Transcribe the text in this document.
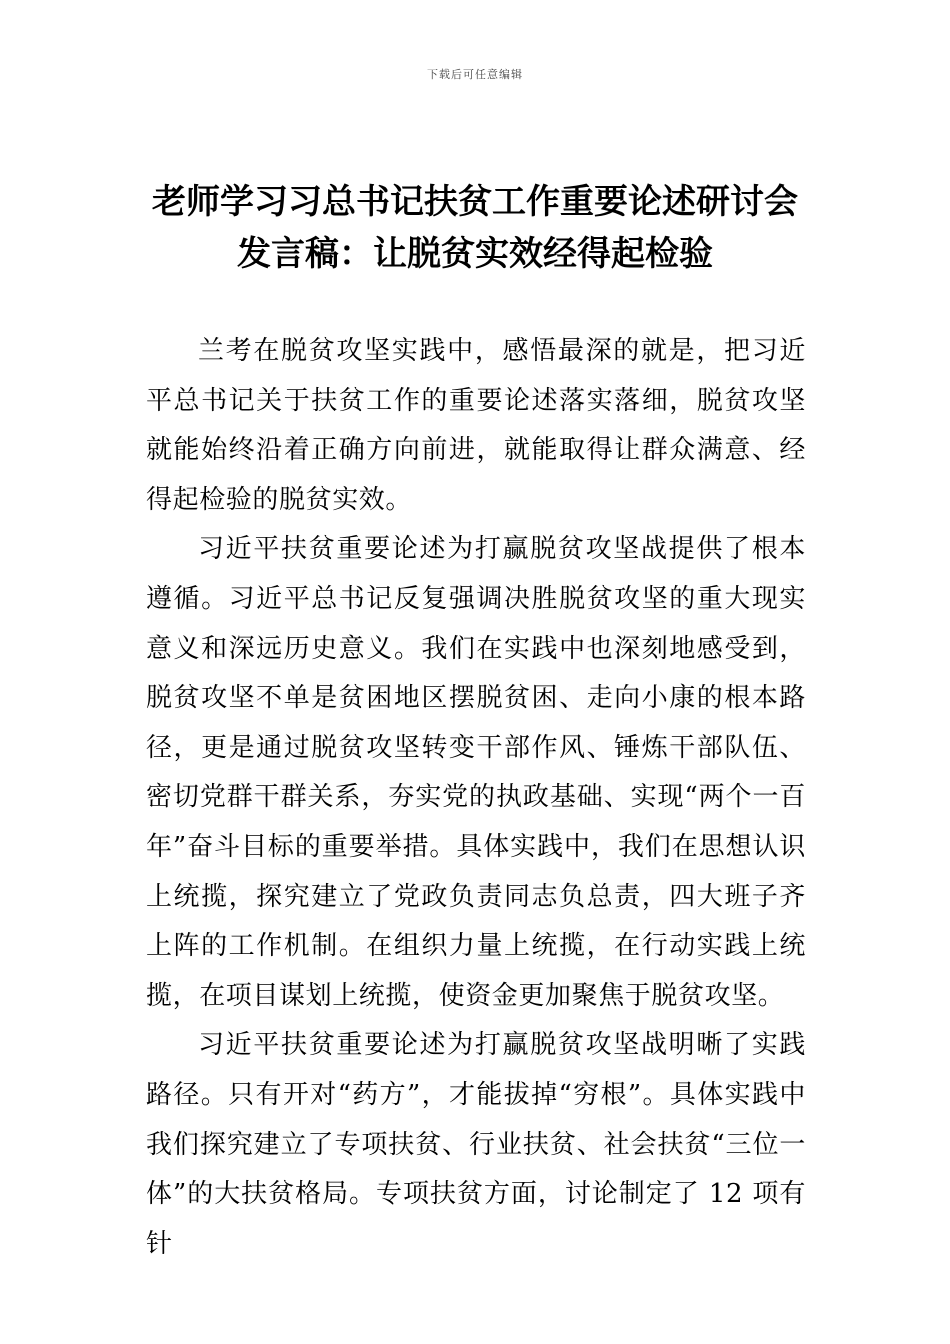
下载后可任意编辑
老师学习习总书记扶贫工作重要论述研讨会发言稿：让脱贫实效经得起检验

兰考在脱贫攻坚实践中，感悟最深的就是，把习近平总书记关于扶贫工作的重要论述落实落细，脱贫攻坚就能始终沿着正确方向前进，就能取得让群众满意、经得起检验的脱贫实效。

习近平扶贫重要论述为打赢脱贫攻坚战提供了根本遵循。习近平总书记反复强调决胜脱贫攻坚的重大现实意义和深远历史意义。我们在实践中也深刻地感受到，脱贫攻坚不单是贫困地区摆脱贫困、走向小康的根本路径，更是通过脱贫攻坚转变干部作风、锤炼干部队伍、密切党群干群关系，夯实党的执政基础、实现“两个一百年”奋斗目标的重要举措。具体实践中，我们在思想认识上统揽，探究建立了党政负责同志负总责，四大班子齐上阵的工作机制。在组织力量上统揽，在行动实践上统揽，在项目谋划上统揽，使资金更加聚焦于脱贫攻坚。

习近平扶贫重要论述为打赢脱贫攻坚战明晰了实践路径。只有开对“药方”，才能拔掉“穷根”。具体实践中我们探究建立了专项扶贫、行业扶贫、社会扶贫“三位一体”的大扶贫格局。专项扶贫方面，讨论制定了 12 项有针
